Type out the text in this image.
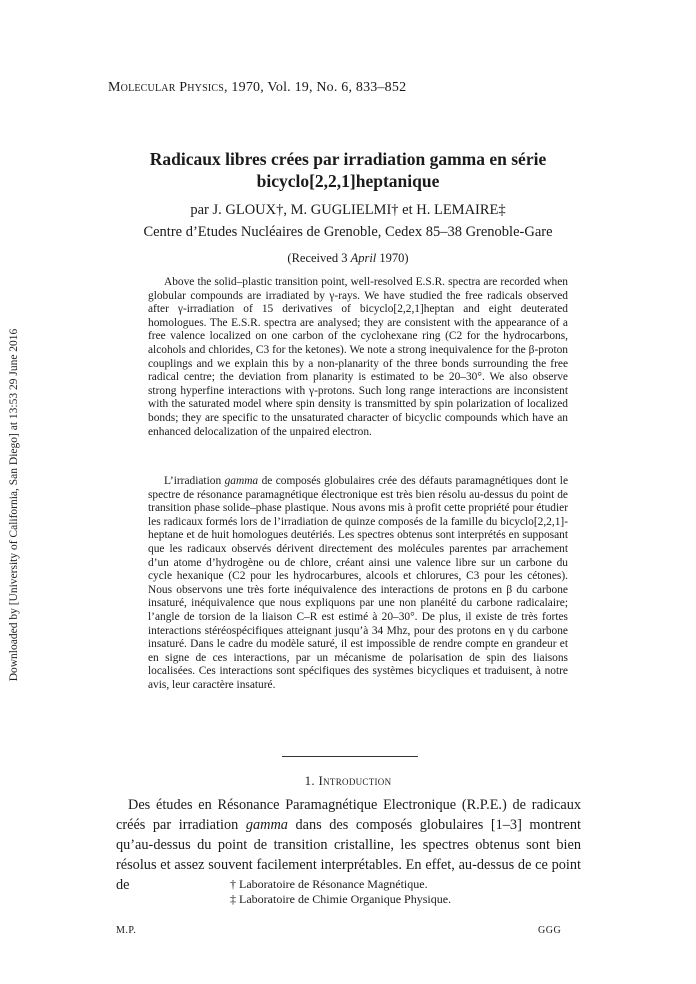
Molecular Physics, 1970, Vol. 19, No. 6, 833–852
Downloaded by [University of California, San Diego] at 13:53 29 June 2016
Radicaux libres crées par irradiation gamma en série
bicyclo[2,2,1]heptanique
par J. GLOUX†, M. GUGLIELMI† et H. LEMAIRE‡
Centre d’Etudes Nucléaires de Grenoble, Cedex 85–38 Grenoble-Gare
(Received 3 April 1970)

Above the solid–plastic transition point, well-resolved E.S.R. spectra are recorded when globular compounds are irradiated by γ-rays. We have studied the free radicals observed after γ-irradiation of 15 derivatives of bicyclo[2,2,1]heptan and eight deuterated homologues. The E.S.R. spectra are analysed; they are consistent with the appearance of a free valence localized on one carbon of the cyclohexane ring (C2 for the hydrocarbons, alcohols and chlorides, C3 for the ketones). We note a strong inequivalence for the β-proton couplings and we explain this by a non-planarity of the three bonds surrounding the free radical centre; the deviation from planarity is estimated to be 20–30°. We also observe strong hyperfine interactions with γ-protons. Such long range interactions are inconsistent with the saturated model where spin density is transmitted by spin polarization of localized bonds; they are specific to the unsaturated character of bicyclic compounds which have an enhanced delocalization of the unpaired electron.

L’irradiation gamma de composés globulaires crée des défauts paramagnétiques dont le spectre de résonance paramagnétique électronique est très bien résolu au-dessus du point de transition phase solide–phase plastique. Nous avons mis à profit cette propriété pour étudier les radicaux formés lors de l’irradiation de quinze composés de la famille du bicyclo[2,2,1]-heptane et de huit homologues deutériés. Les spectres obtenus sont interprétés en supposant que les radicaux observés dérivent directement des molécules parentes par arrachement d’un atome d’hydrogène ou de chlore, créant ainsi une valence libre sur un carbone du cycle hexanique (C2 pour les hydrocarbures, alcools et chlorures, C3 pour les cétones). Nous observons une très forte inéquivalence des interactions de protons en β du carbone insaturé, inéquivalence que nous expliquons par une non planéité du carbone radicalaire; l’angle de torsion de la liaison C–R est estimé à 20–30°. De plus, il existe de très fortes interactions stéréospécifiques atteignant jusqu’à 34 Mhz, pour des protons en γ du carbone insaturé. Dans le cadre du modèle saturé, il est impossible de rendre compte en grandeur et en signe de ces interactions, par un mécanisme de polarisation de spin des liaisons localisées. Ces interactions sont spécifiques des systèmes bicycliques et traduisent, à notre avis, leur caractère insaturé.

1. Introduction

Des études en Résonance Paramagnétique Electronique (R.P.E.) de radicaux créés par irradiation gamma dans des composés globulaires [1–3] montrent qu’au-dessus du point de transition cristalline, les spectres obtenus sont bien résolus et assez souvent facilement interprétables. En effet, au-dessus de ce point de	† Laboratoire de Résonance Magnétique.
‡ Laboratoire de Chimie Organique Physique.
M.P.	GGG
